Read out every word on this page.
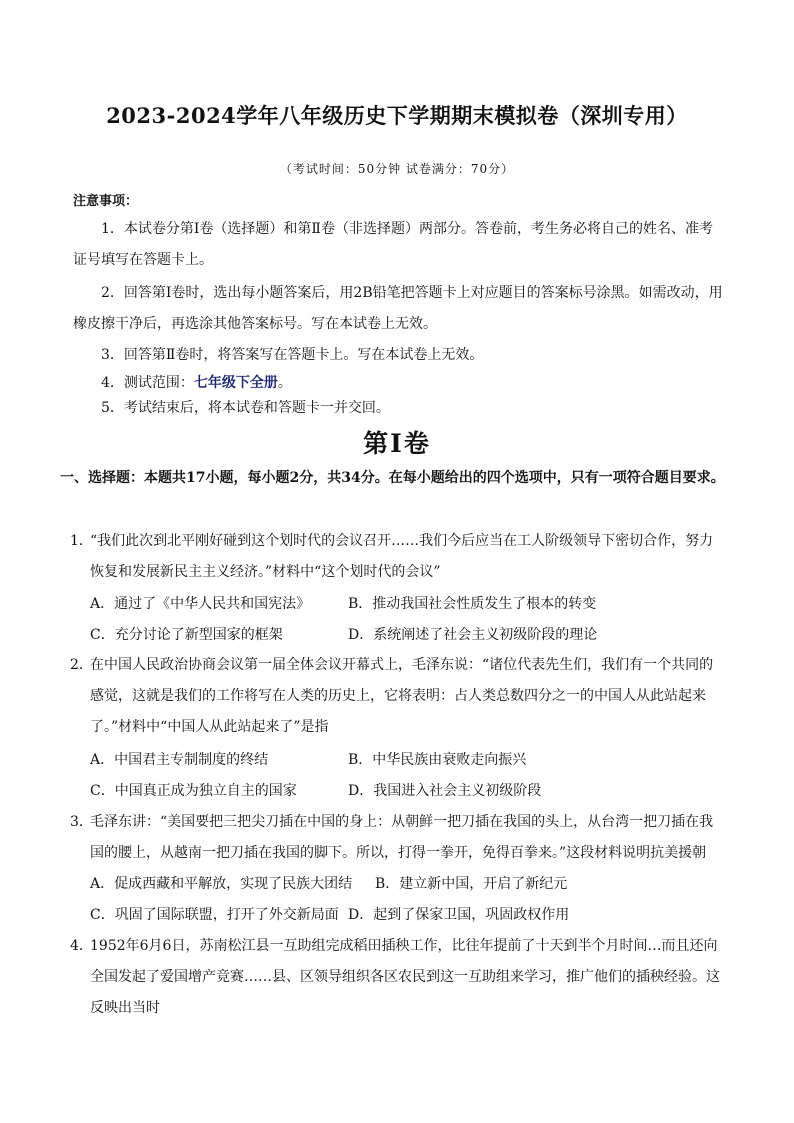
2023-2024学年八年级历史下学期期末模拟卷（深圳专用）
（考试时间：50分钟 试卷满分：70分）
注意事项：
1．本试卷分第Ⅰ卷（选择题）和第Ⅱ卷（非选择题）两部分。答卷前，考生务必将自己的姓名、准考证号填写在答题卡上。
2．回答第Ⅰ卷时，选出每小题答案后，用2B铅笔把答题卡上对应题目的答案标号涂黑。如需改动，用橡皮擦干净后，再选涂其他答案标号。写在本试卷上无效。
3．回答第Ⅱ卷时，将答案写在答题卡上。写在本试卷上无效。
4．测试范围：七年级下全册。
5．考试结束后，将本试卷和答题卡一并交回。
第Ⅰ卷
一、选择题：本题共17小题，每小题2分，共34分。在每小题给出的四个选项中，只有一项符合题目要求。
1．
“我们此次到北平刚好碰到这个划时代的会议召开……我们今后应当在工人阶级领导下密切合作，努力恢复和发展新民主主义经济。”材料中“这个划时代的会议”
A．通过了《中华人民共和国宪法》	B．推动我国社会性质发生了根本的转变
C．充分讨论了新型国家的框架	D．系统阐述了社会主义初级阶段的理论
2．
在中国人民政治协商会议第一届全体会议开幕式上，毛泽东说：“诸位代表先生们，我们有一个共同的感觉，这就是我们的工作将写在人类的历史上，它将表明：占人类总数四分之一的中国人从此站起来了。”材料中“中国人从此站起来了”是指
A．中国君主专制制度的终结	B．中华民族由衰败走向振兴
C．中国真正成为独立自主的国家	D．我国进入社会主义初级阶段
3．
毛泽东讲：“美国要把三把尖刀插在中国的身上：从朝鲜一把刀插在我国的头上，从台湾一把刀插在我国的腰上，从越南一把刀插在我国的脚下。所以，打得一拳开，免得百拳来。”这段材料说明抗美援朝
A．促成西藏和平解放，实现了民族大团结	B．建立新中国，开启了新纪元
C．巩固了国际联盟，打开了外交新局面 D．起到了保家卫国，巩固政权作用
4．
1952年6月6日，苏南松江县一互助组完成稻田插秧工作，比往年提前了十天到半个月时间…而且还向全国发起了爱国增产竞赛……县、区领导组织各区农民到这一互助组来学习，推广他们的插秧经验。这反映出当时
